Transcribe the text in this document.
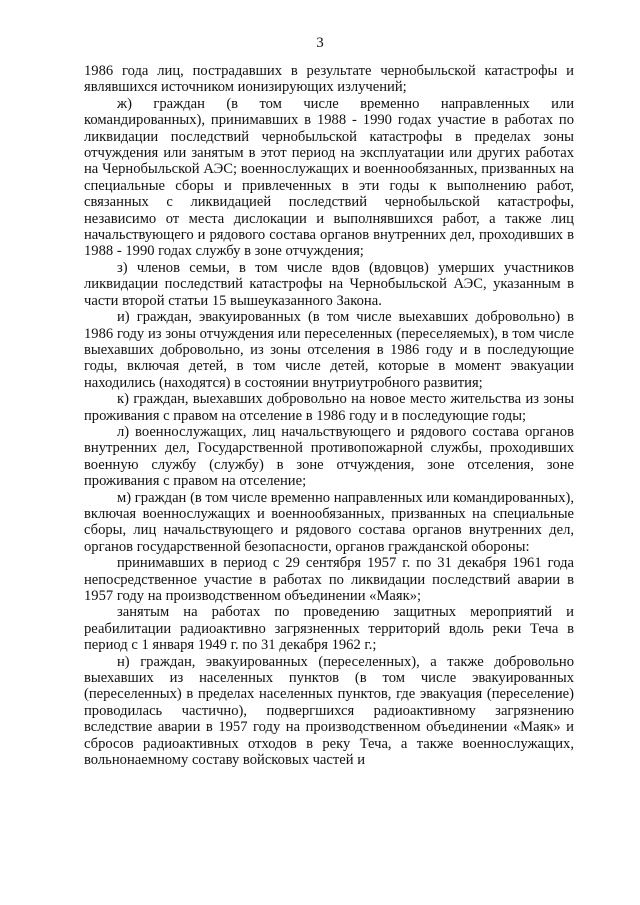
3

1986 года лиц, пострадавших в результате чернобыльской катастрофы и являвшихся источником ионизирующих излучений;

ж) граждан (в том числе временно направленных или командированных), принимавших в 1988 - 1990 годах участие в работах по ликвидации последствий чернобыльской катастрофы в пределах зоны отчуждения или занятым в этот период на эксплуатации или других работах на Чернобыльской АЭС; военнослужащих и военнообязанных, призванных на специальные сборы и привлеченных в эти годы к выполнению работ, связанных с ликвидацией последствий чернобыльской катастрофы, независимо от места дислокации и выполнявшихся работ, а также лиц начальствующего и рядового состава органов внутренних дел, проходивших в 1988 - 1990 годах службу в зоне отчуждения;

з) членов семьи, в том числе вдов (вдовцов) умерших участников ликвидации последствий катастрофы на Чернобыльской АЭС, указанным в части второй статьи 15 вышеуказанного Закона.

и) граждан, эвакуированных (в том числе выехавших добровольно) в 1986 году из зоны отчуждения или переселенных (переселяемых), в том числе выехавших добровольно, из зоны отселения в 1986 году и в последующие годы, включая детей, в том числе детей, которые в момент эвакуации находились (находятся) в состоянии внутриутробного развития;

к) граждан, выехавших добровольно на новое место жительства из зоны проживания с правом на отселение в 1986 году и в последующие годы;

л) военнослужащих, лиц начальствующего и рядового состава органов внутренних дел, Государственной противопожарной службы, проходивших военную службу (службу) в зоне отчуждения, зоне отселения, зоне проживания с правом на отселение;

м) граждан (в том числе временно направленных или командированных), включая военнослужащих и военнообязанных, призванных на специальные сборы, лиц начальствующего и рядового состава органов внутренних дел, органов государственной безопасности, органов гражданской обороны:

принимавших в период с 29 сентября 1957 г. по 31 декабря 1961 года непосредственное участие в работах по ликвидации последствий аварии в 1957 году на производственном объединении «Маяк»;

занятым на работах по проведению защитных мероприятий и реабилитации радиоактивно загрязненных территорий вдоль реки Теча в период с 1 января 1949 г. по 31 декабря 1962 г.;

н) граждан, эвакуированных (переселенных), а также добровольно выехавших из населенных пунктов (в том числе эвакуированных (переселенных) в пределах населенных пунктов, где эвакуация (переселение) проводилась частично), подвергшихся радиоактивному загрязнению вследствие аварии в 1957 году на производственном объединении «Маяк» и сбросов радиоактивных отходов в реку Теча, а также военнослужащих, вольнонаемному составу войсковых частей и
